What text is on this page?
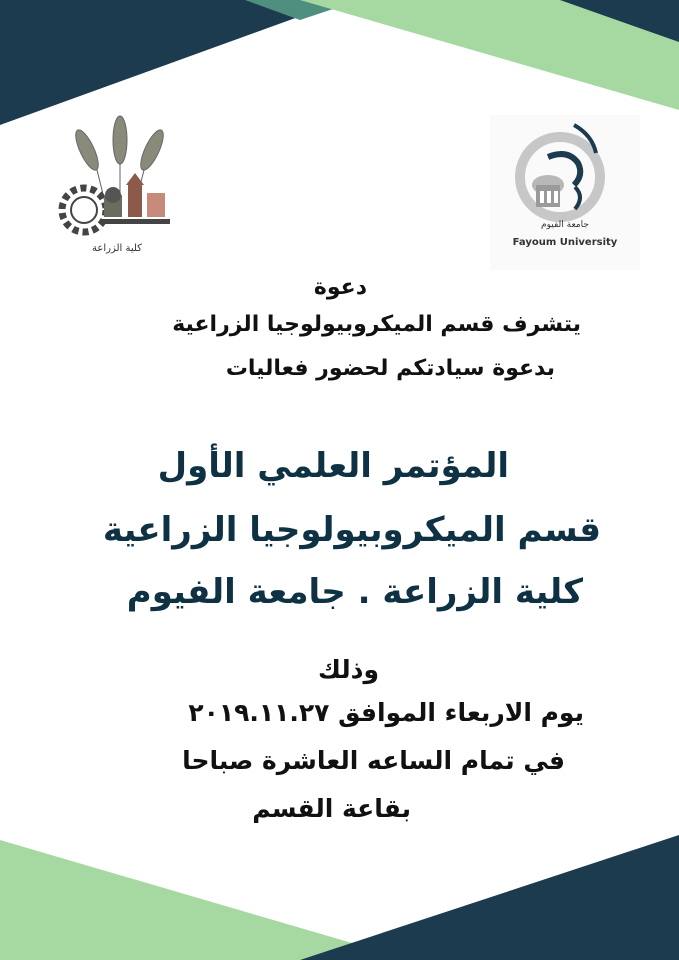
كلية الزراعة
جامعة الفيوم
Fayoum University
دعوة
يتشرف قسم الميكروبيولوجيا الزراعية
بدعوة سيادتكم لحضور فعاليات
المؤتمر العلمي الأول
قسم الميكروبيولوجيا الزراعية
كلية الزراعة . جامعة الفيوم
وذلك
يوم الاربعاء الموافق ٢٠١٩.١١.٢٧
في تمام الساعه العاشرة صباحا
بقاعة القسم
